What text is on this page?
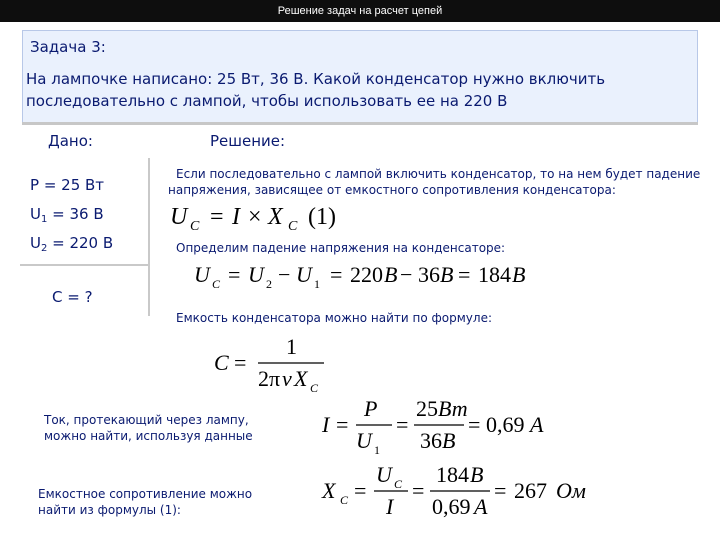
Решение задач на расчет цепей
Задача 3:
На лампочке написано: 25 Вт, 36 В. Какой конденсатор нужно включить
последовательно с лампой, чтобы использовать ее на 220 В
Дано:	Решение:
P = 25 Вт
$U_1 = 36$ В
$U_2 = 220$ В
C = ?
Если последовательно с лампой включить конденсатор, то на нем будет падение
напряжения, зависящее от емкостного сопротивления конденсатора:
U C = I × X C (1)
Определим падение напряжения на конденсаторе:
U C = U 2 − U 1 = 220 B − 36 B = 184 B
Емкость конденсатора можно найти по формуле:
C =
1
2π ν X C
Ток, протекающий через лампу,
можно найти, используя данные	I =
P
U 1
=
25 Вт
36 В
= 0,69 А
Емкостное сопротивление можно
найти из формулы (1):
X C =
U C
I
=
184 В
0,69 А
= 267 Ом
